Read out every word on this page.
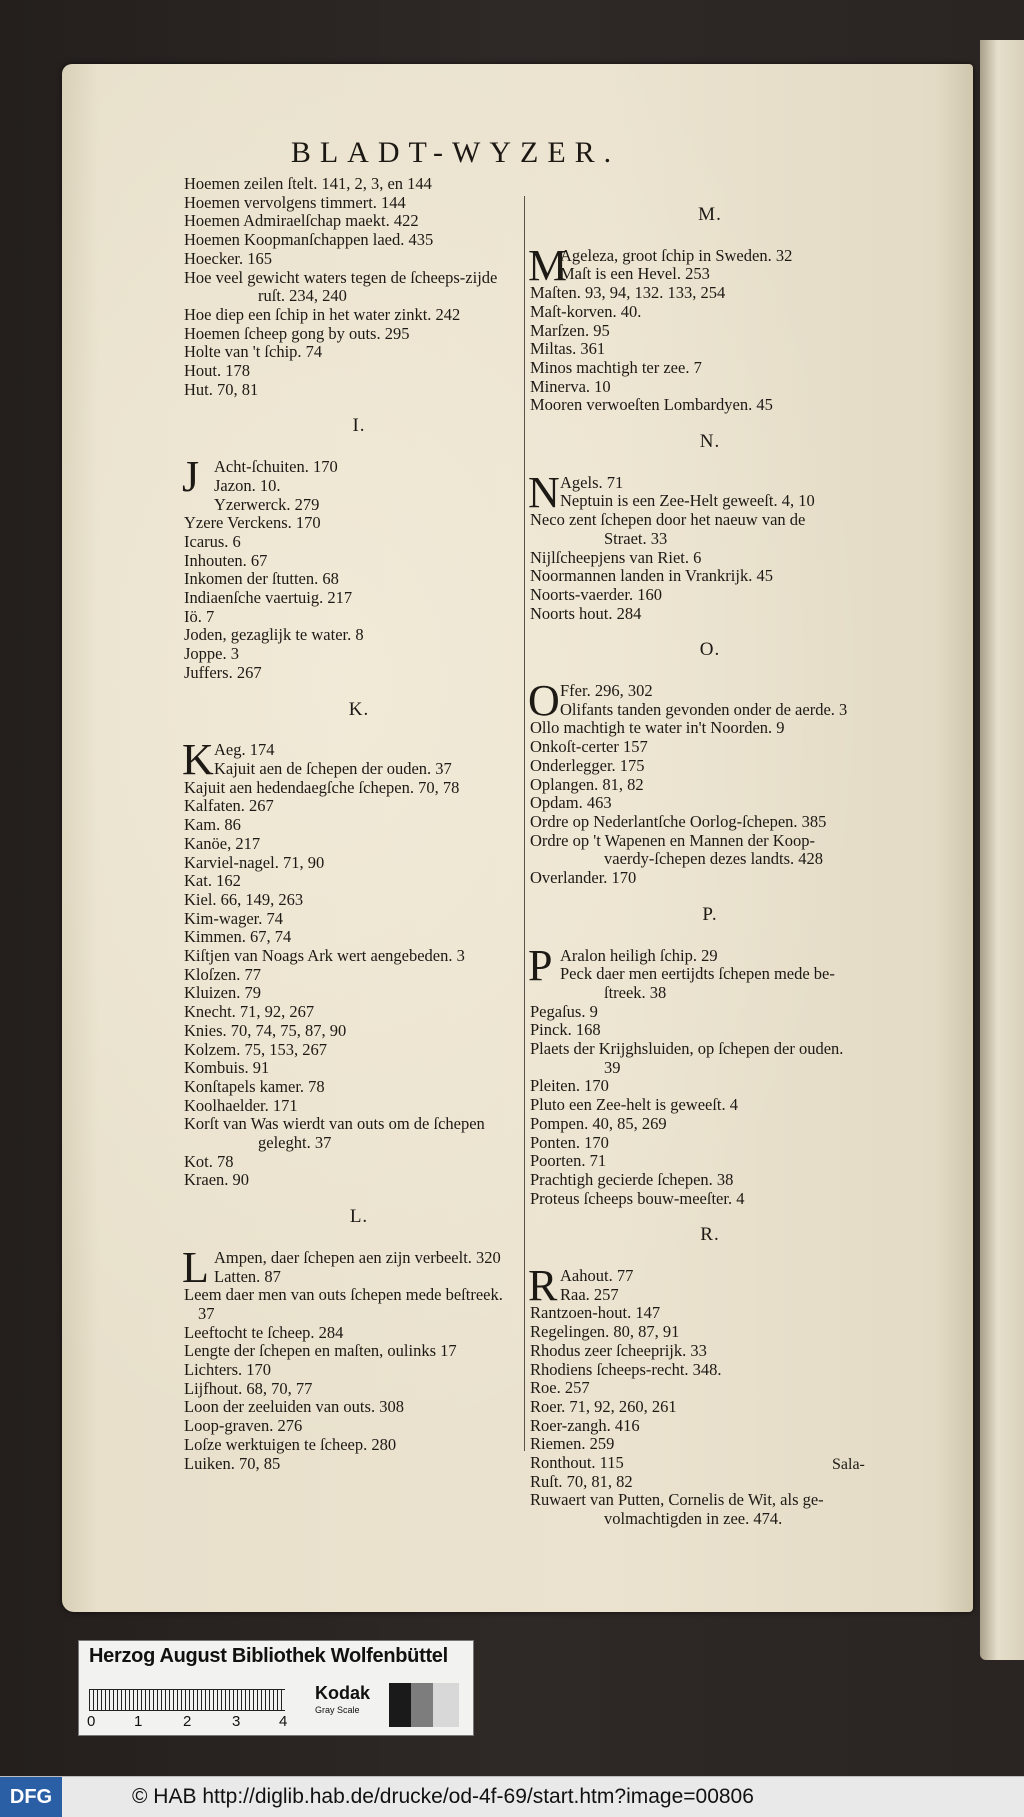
BLADT-WYZER.
Hoemen zeilen ſtelt. 141, 2, 3, en 144
Hoemen vervolgens timmert. 144
Hoemen Admiraelſchap maekt. 422
Hoemen Koopmanſchappen laed. 435
Hoecker. 165
Hoe veel gewicht waters tegen de ſcheeps-zijde
ruſt. 234, 240
Hoe diep een ſchip in het water zinkt. 242
Hoemen ſcheep gong by outs. 295
Holte van 't ſchip. 74
Hout. 178
Hut. 70, 81
I.
J Acht-ſchuiten. 170
Jazon. 10.
Yzerwerck. 279
Yzere Verckens. 170
Icarus. 6
Inhouten. 67
Inkomen der ſtutten. 68
Indiaenſche vaertuig. 217
Iö. 7
Joden, gezaglijk te water. 8
Joppe. 3
Juffers. 267
K.
K Aeg. 174
Kajuit aen de ſchepen der ouden. 37
Kajuit aen hedendaegſche ſchepen. 70, 78
Kalfaten. 267
Kam. 86
Kanöe, 217
Karviel-nagel. 71, 90
Kat. 162
Kiel. 66, 149, 263
Kim-wager. 74
Kimmen. 67, 74
Kiſtjen van Noags Ark wert aengebeden. 3
Kloſzen. 77
Kluizen. 79
Knecht. 71, 92, 267
Knies. 70, 74, 75, 87, 90
Kolzem. 75, 153, 267
Kombuis. 91
Konſtapels kamer. 78
Koolhaelder. 171
Korſt van Was wierdt van outs om de ſchepen
geleght. 37
Kot. 78
Kraen. 90
L.
L Ampen, daer ſchepen aen zijn verbeelt. 320
Latten. 87
Leem daer men van outs ſchepen mede beſtreek.
37
Leeftocht te ſcheep. 284
Lengte der ſchepen en maſten, oulinks 17
Lichters. 170
Lijfhout. 68, 70, 77
Loon der zeeluiden van outs. 308
Loop-graven. 276
Loſze werktuigen te ſcheep. 280
Luiken. 70, 85
M.
M
Ageleza, groot ſchip in Sweden. 32
Maſt is een Hevel. 253
Maſten. 93, 94, 132. 133, 254
Maſt-korven. 40.
Marſzen. 95
Miltas. 361
Minos machtigh ter zee. 7
Minerva. 10
Mooren verwoeſten Lombardyen. 45
N.
N Agels. 71
Neptuin is een Zee-Helt geweeſt. 4, 10
Neco zent ſchepen door het naeuw van de
Straet. 33
Nijlſcheepjens van Riet. 6
Noormannen landen in Vrankrijk. 45
Noorts-vaerder. 160
Noorts hout. 284
O.
O Ffer. 296, 302
Olifants tanden gevonden onder de aerde. 3
Ollo machtigh te water in't Noorden. 9
Onkoſt-certer 157
Onderlegger. 175
Oplangen. 81, 82
Opdam. 463
Ordre op Nederlantſche Oorlog-ſchepen. 385
Ordre op 't Wapenen en Mannen der Koop-
vaerdy-ſchepen dezes landts. 428
Overlander. 170
P.
P Aralon heiligh ſchip. 29
Peck daer men eertijdts ſchepen mede be-
ſtreek. 38
Pegaſus. 9
Pinck. 168
Plaets der Krijghsluiden, op ſchepen der ouden.
39
Pleiten. 170
Pluto een Zee-helt is geweeſt. 4
Pompen. 40, 85, 269
Ponten. 170
Poorten. 71
Prachtigh gecierde ſchepen. 38
Proteus ſcheeps bouw-meeſter. 4
R.
R Aahout. 77
Raa. 257
Rantzoen-hout. 147
Regelingen. 80, 87, 91
Rhodus zeer ſcheeprijk. 33
Rhodiens ſcheeps-recht. 348.
Roe. 257
Roer. 71, 92, 260, 261
Roer-zangh. 416
Riemen. 259
Ronthout. 115
Ruſt. 70, 81, 82
Ruwaert van Putten, Cornelis de Wit, als ge-
volmachtigden in zee. 474.
Sala-
Herzog August Bibliothek Wolfenbüttel
0	1	2	3	4
Kodak
Gray Scale
DFG	© HAB http://diglib.hab.de/drucke/od-4f-69/start.htm?image=00806
